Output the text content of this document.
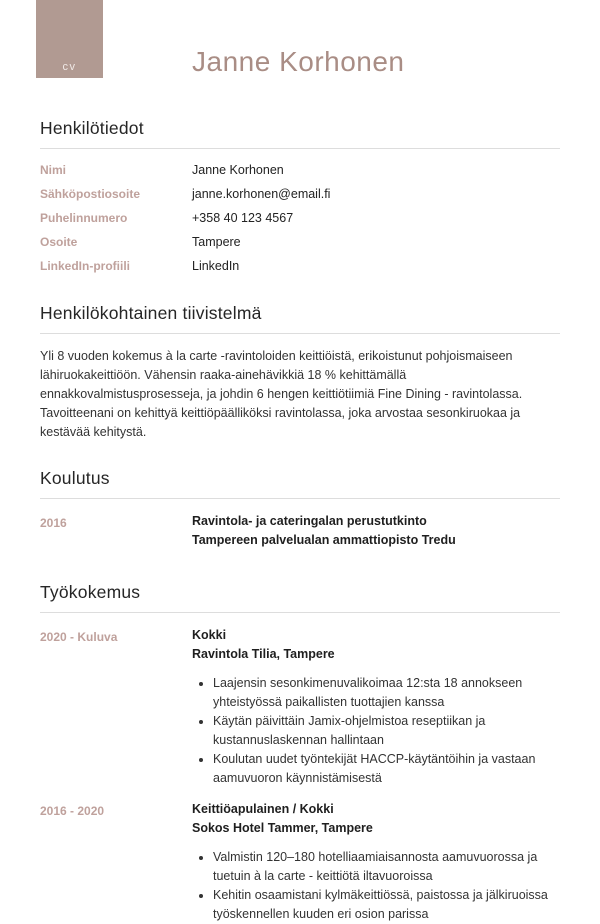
cv	Janne Korhonen
Henkilötiedot
Nimi	Janne Korhonen
Sähköpostiosoite	janne.korhonen@email.fi
Puhelinnumero	+358 40 123 4567
Osoite	Tampere
LinkedIn-profiili	LinkedIn
Henkilökohtainen tiivistelmä

Yli 8 vuoden kokemus à la carte -ravintoloiden keittiöistä, erikoistunut pohjoismaiseen lähiruokakeittiöön. Vähensin raaka-ainehävikkiä 18 % kehittämällä ennakkovalmistusprosesseja, ja johdin 6 hengen keittiötiimiä Fine Dining - ravintolassa. Tavoitteenani on kehittyä keittiöpäälliköksi ravintolassa, joka arvostaa sesonkiruokaa ja kestävää kehitystä.

Koulutus
2016	Ravintola- ja cateringalan perustutkinto
Tampereen palvelualan ammattiopisto Tredu
Työkokemus
2020 - Kuluva	Kokki
Ravintola Tilia, Tampere
• Laajensin sesonkimenuvalikoimaa 12:sta 18 annokseen yhteistyössä paikallisten tuottajien kanssa
• Käytän päivittäin Jamix-ohjelmistoa reseptiikan ja kustannuslaskennan hallintaan
• Koulutan uudet työntekijät HACCP-käytäntöihin ja vastaan aamuvuoron käynnistämisestä
2016 - 2020	Keittiöapulainen / Kokki
Sokos Hotel Tammer, Tampere
• Valmistin 120–180 hotelliaamiaisannosta aamuvuorossa ja tuetuin à la carte - keittiötä iltavuoroissa
• Kehitin osaamistani kylmäkeittiössä, paistossa ja jälkiruoissa työskennellen kuuden eri osion parissa
